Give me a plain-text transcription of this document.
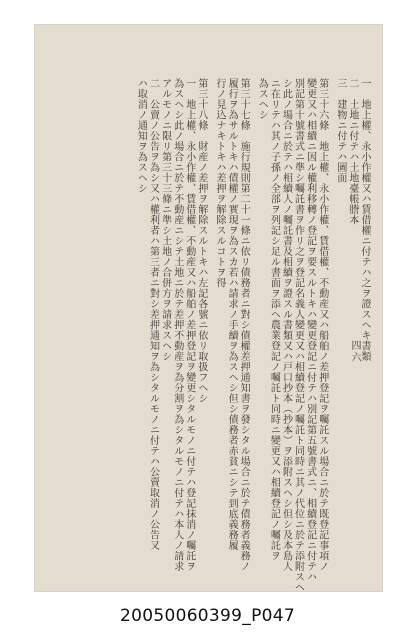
一　地上權、永小作權又ハ賃借權ニ付テハ之ヲ證スヘキ書類
二　土地ニ付テハ土地臺帳謄本
三　建物ニ付テハ圖面
第三十六條　地上權、永小作權、賃借權、不動産又ハ船舶ノ差押登記ヲ囑託スル場合ニ於テ既登記事項ノ
變更又ハ相續ニ因ル權利移轉ノ登記ヲ要スルトキハ變更登記ニ付テハ別記第五號書式ニ、相續登記ニ付テハ
別記第十號書式ニ準シ囑託書ヲ作リ之ヲ登記名義人變更又ハ相續登記ノ囑託ト同時ニ其ノ代位ニ於テ添附スヘ
シ此ノ場合ニ於テハ相續人ノ囑託書及相續ヲ證スル書類又ハ戸口抄本（抄本）ヲ添附スヘシ但シ及本島人
ニ在リテハ其ノ子孫ノ全部ヲ列記シ足ル書面ヲ添ヘ農業登記ノ囑託ト同時ニ變更又ハ相續登記ノ囑託ヲ
為スヘシ
第三十七條　施行規則第二十一條ニ依リ債務者ニ對シ債權差押通知書ヲ發シタル場合ニ於テ債務者義務ノ
履行ヲ為サルトキハ債權ノ實現ヲ為スカ若ハ請求ノ手續ヲ為スヘシ但シ債務者赤貧ニシテ到底義務履
行ノ見込ナキトキハ差押ヲ解除スルコトヲ得
第三十八條　財産ノ差押ヲ解除スルトキハ左記各號ニ依リ取扱フヘシ
一　地上權、永小作權、賃借權、不動産又ハ船舶ノ差押登記ヲ變更シタルモノニ付テハ登記抹消ノ囑託ヲ
為スヘシ此ノ場合ニ於テ不動産ニシテ土地ニ於テ差押不動産ヲ為分割ヲ為シタルモノニ付テハ本人ノ請求
アルモノニ限リ第三十三條ニ準シ土地ノ合併方ヲ請求スヘシ
二　公賣ノ公告ヲ為シ又ハ權利者ハ第三者ニ對シ差押通知ヲ為シタルモノニ付テハ公賣取消ノ公告又
ハ取消ノ通知ヲ為スヘシ
四六
20050060399_P047
